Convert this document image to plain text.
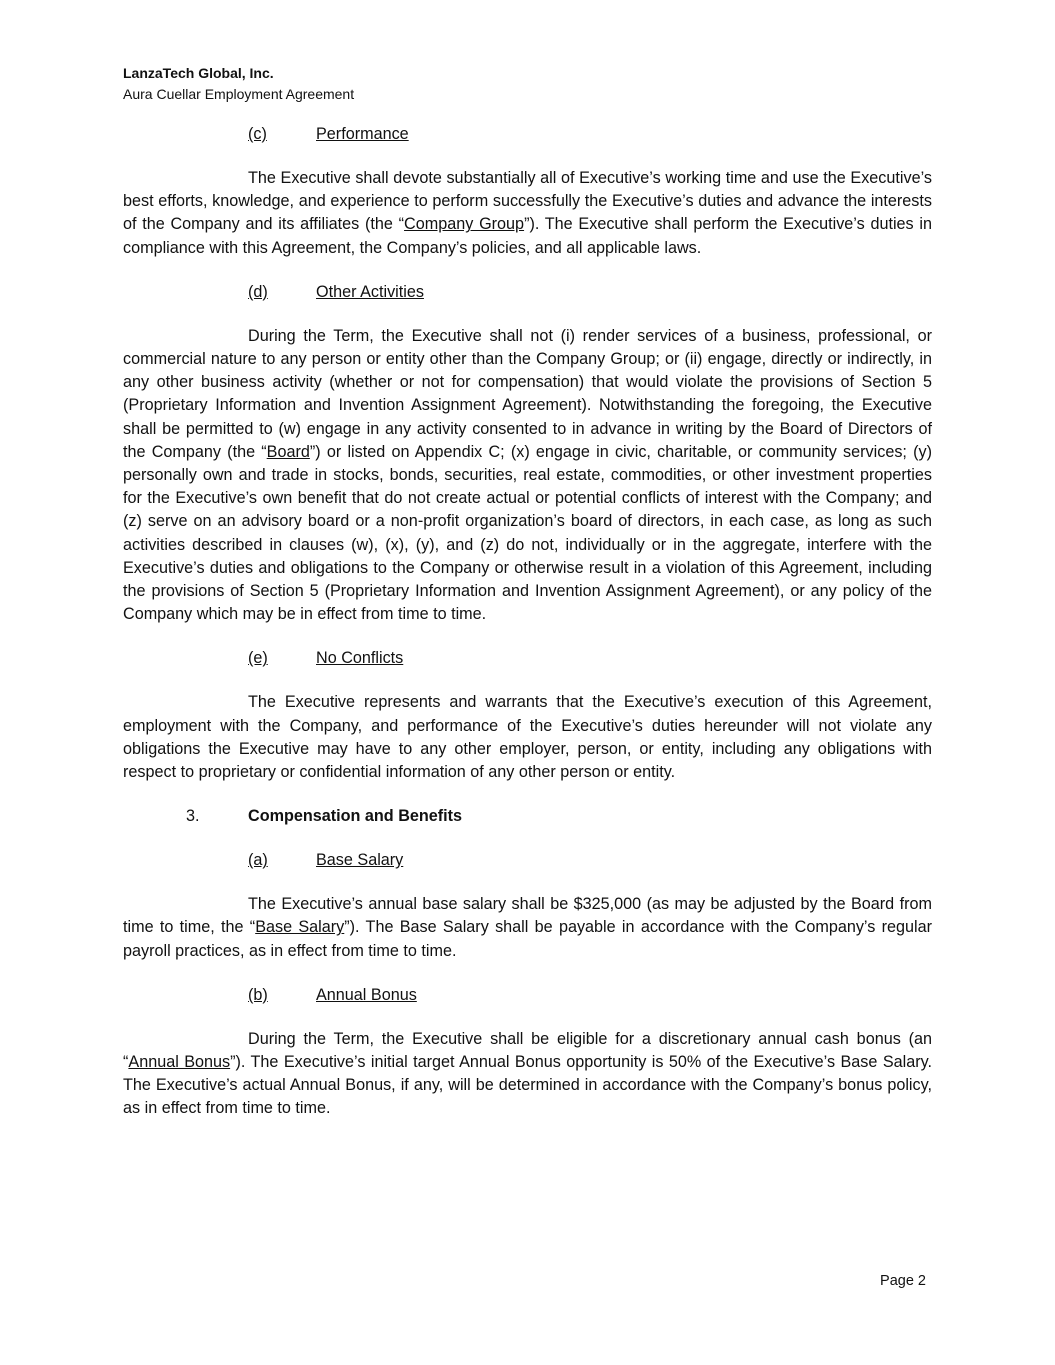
LanzaTech Global, Inc.
Aura Cuellar Employment Agreement
(c)	Performance

The Executive shall devote substantially all of Executive’s working time and use the Executive’s best efforts, knowledge, and experience to perform successfully the Executive’s duties and advance the interests of the Company and its affiliates (the “Company Group”). The Executive shall perform the Executive’s duties in compliance with this Agreement, the Company’s policies, and all applicable laws.

(d)	Other Activities

During the Term, the Executive shall not (i) render services of a business, professional, or commercial nature to any person or entity other than the Company Group; or (ii) engage, directly or indirectly, in any other business activity (whether or not for compensation) that would violate the provisions of Section 5 (Proprietary Information and Invention Assignment Agreement). Notwithstanding the foregoing, the Executive shall be permitted to (w) engage in any activity consented to in advance in writing by the Board of Directors of the Company (the “Board”) or listed on Appendix C; (x) engage in civic, charitable, or community services; (y) personally own and trade in stocks, bonds, securities, real estate, commodities, or other investment properties for the Executive’s own benefit that do not create actual or potential conflicts of interest with the Company; and (z) serve on an advisory board or a non-profit organization’s board of directors, in each case, as long as such activities described in clauses (w), (x), (y), and (z) do not, individually or in the aggregate, interfere with the Executive’s duties and obligations to the Company or otherwise result in a violation of this Agreement, including the provisions of Section 5 (Proprietary Information and Invention Assignment Agreement), or any policy of the Company which may be in effect from time to time.

(e)	No Conflicts

The Executive represents and warrants that the Executive’s execution of this Agreement, employment with the Company, and performance of the Executive’s duties hereunder will not violate any obligations the Executive may have to any other employer, person, or entity, including any obligations with respect to proprietary or confidential information of any other person or entity.

3.	Compensation and Benefits
(a)	Base Salary

The Executive’s annual base salary shall be $325,000 (as may be adjusted by the Board from time to time, the “Base Salary”). The Base Salary shall be payable in accordance with the Company’s regular payroll practices, as in effect from time to time.

(b)	Annual Bonus

During the Term, the Executive shall be eligible for a discretionary annual cash bonus (an “Annual Bonus”). The Executive’s initial target Annual Bonus opportunity is 50% of the Executive’s Base Salary. The Executive’s actual Annual Bonus, if any, will be determined in accordance with the Company’s bonus policy, as in effect from time to time.

Page 2
